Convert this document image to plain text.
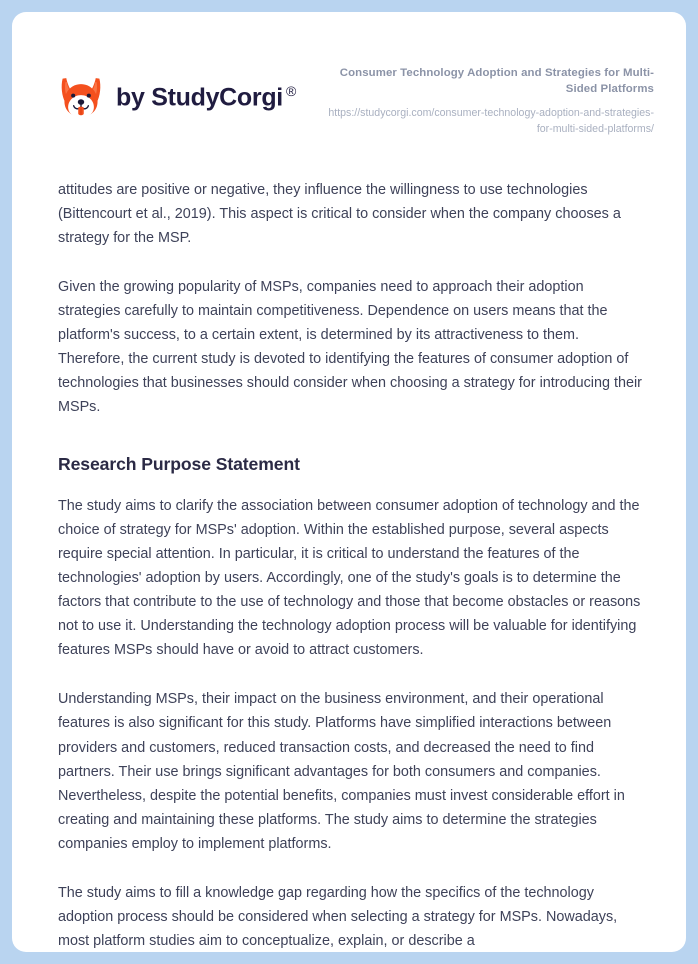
by StudyCorgi ®
Consumer Technology Adoption and Strategies for Multi-Sided Platforms
https://studycorgi.com/consumer-technology-adoption-and-strategies-for-multi-sided-platforms/

attitudes are positive or negative, they influence the willingness to use technologies (Bittencourt et al., 2019). This aspect is critical to consider when the company chooses a strategy for the MSP.

Given the growing popularity of MSPs, companies need to approach their adoption strategies carefully to maintain competitiveness. Dependence on users means that the platform's success, to a certain extent, is determined by its attractiveness to them. Therefore, the current study is devoted to identifying the features of consumer adoption of technologies that businesses should consider when choosing a strategy for introducing their MSPs.

Research Purpose Statement

The study aims to clarify the association between consumer adoption of technology and the choice of strategy for MSPs' adoption. Within the established purpose, several aspects require special attention. In particular, it is critical to understand the features of the technologies' adoption by users. Accordingly, one of the study's goals is to determine the factors that contribute to the use of technology and those that become obstacles or reasons not to use it. Understanding the technology adoption process will be valuable for identifying features MSPs should have or avoid to attract customers.

Understanding MSPs, their impact on the business environment, and their operational features is also significant for this study. Platforms have simplified interactions between providers and customers, reduced transaction costs, and decreased the need to find partners. Their use brings significant advantages for both consumers and companies. Nevertheless, despite the potential benefits, companies must invest considerable effort in creating and maintaining these platforms. The study aims to determine the strategies companies employ to implement platforms.

The study aims to fill a knowledge gap regarding how the specifics of the technology adoption process should be considered when selecting a strategy for MSPs. Nowadays, most platform studies aim to conceptualize, explain, or describe a
